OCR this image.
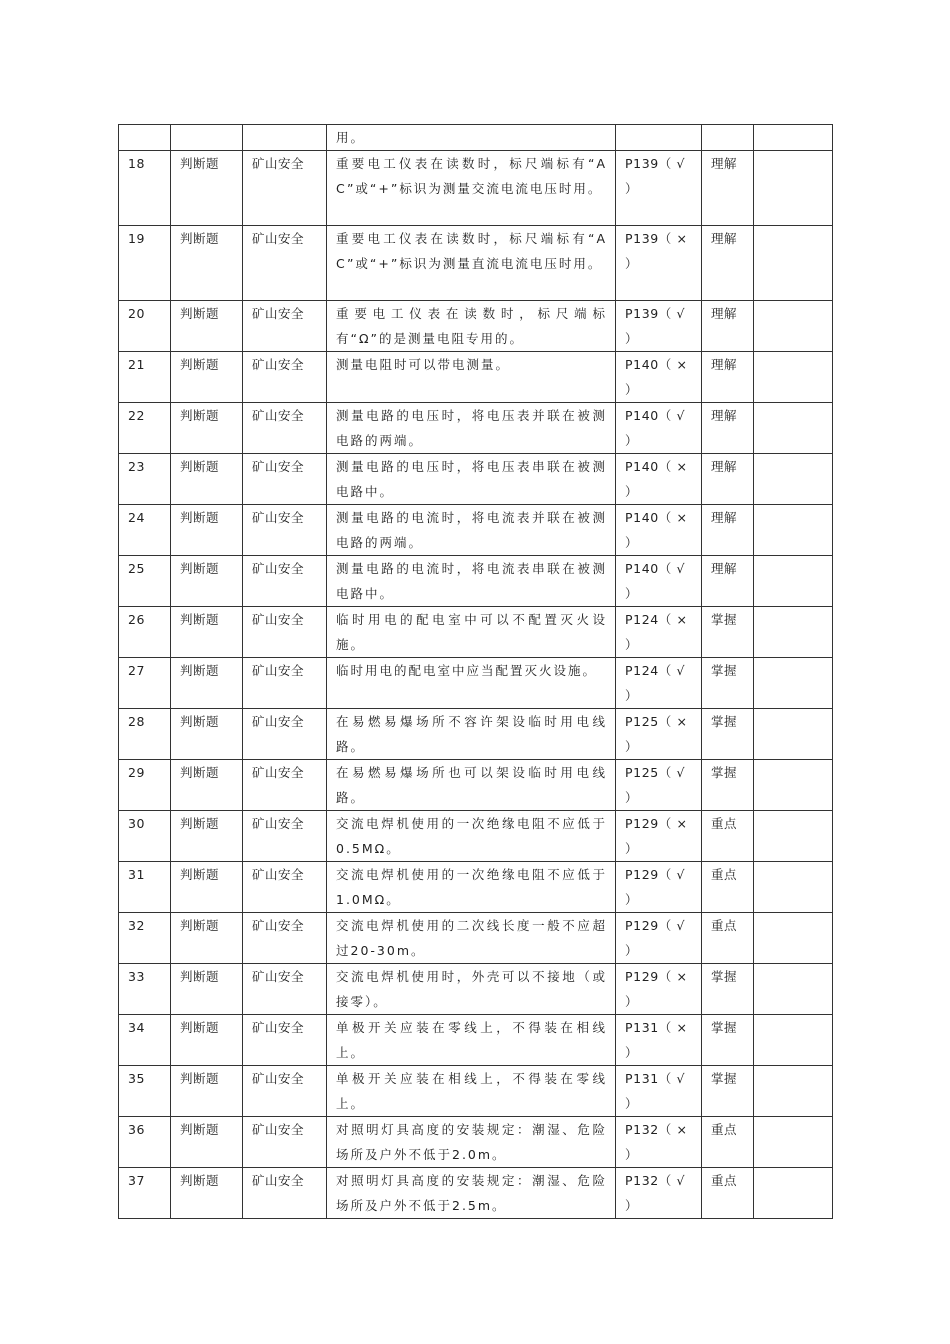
			用。			
18	判断题	矿山安全	重要电工仪表在读数时，标尺端标有“AC”或“+”标识为测量交流电流电压时用。	P139（ √ ）	理解	
19	判断题	矿山安全	重要电工仪表在读数时，标尺端标有“AC”或“+”标识为测量直流电流电压时用。	P139（ × ）	理解	
20	判断题	矿山安全	重要电工仪表在读数时，标尺端标有“Ω”的是测量电阻专用的。	P139（ √ ）	理解	
21	判断题	矿山安全	测量电阻时可以带电测量。	P140（ × ）	理解	
22	判断题	矿山安全	测量电路的电压时，将电压表并联在被测电路的两端。	P140（ √ ）	理解	
23	判断题	矿山安全	测量电路的电压时，将电压表串联在被测电路中。	P140（ × ）	理解	
24	判断题	矿山安全	测量电路的电流时，将电流表并联在被测电路的两端。	P140（ × ）	理解	
25	判断题	矿山安全	测量电路的电流时，将电流表串联在被测电路中。	P140（ √ ）	理解	
26	判断题	矿山安全	临时用电的配电室中可以不配置灭火设施。	P124（ × ）	掌握	
27	判断题	矿山安全	临时用电的配电室中应当配置灭火设施。	P124（ √ ）	掌握	
28	判断题	矿山安全	在易燃易爆场所不容许架设临时用电线路。	P125（ × ）	掌握	
29	判断题	矿山安全	在易燃易爆场所也可以架设临时用电线路。	P125（ √ ）	掌握	
30	判断题	矿山安全	交流电焊机使用的一次绝缘电阻不应低于0.5MΩ。	P129（ × ）	重点	
31	判断题	矿山安全	交流电焊机使用的一次绝缘电阻不应低于1.0MΩ。	P129（ √ ）	重点	
32	判断题	矿山安全	交流电焊机使用的二次线长度一般不应超过20-30m。	P129（ √ ）	重点	
33	判断题	矿山安全	交流电焊机使用时，外壳可以不接地（或接零）。	P129（ × ）	掌握	
34	判断题	矿山安全	单极开关应装在零线上，不得装在相线上。	P131（ × ）	掌握	
35	判断题	矿山安全	单极开关应装在相线上，不得装在零线上。	P131（ √ ）	掌握	
36	判断题	矿山安全	对照明灯具高度的安装规定：潮湿、危险场所及户外不低于2.0m。	P132（ × ）	重点	
37	判断题	矿山安全	对照明灯具高度的安装规定：潮湿、危险场所及户外不低于2.5m。	P132（ √ ）	重点	
